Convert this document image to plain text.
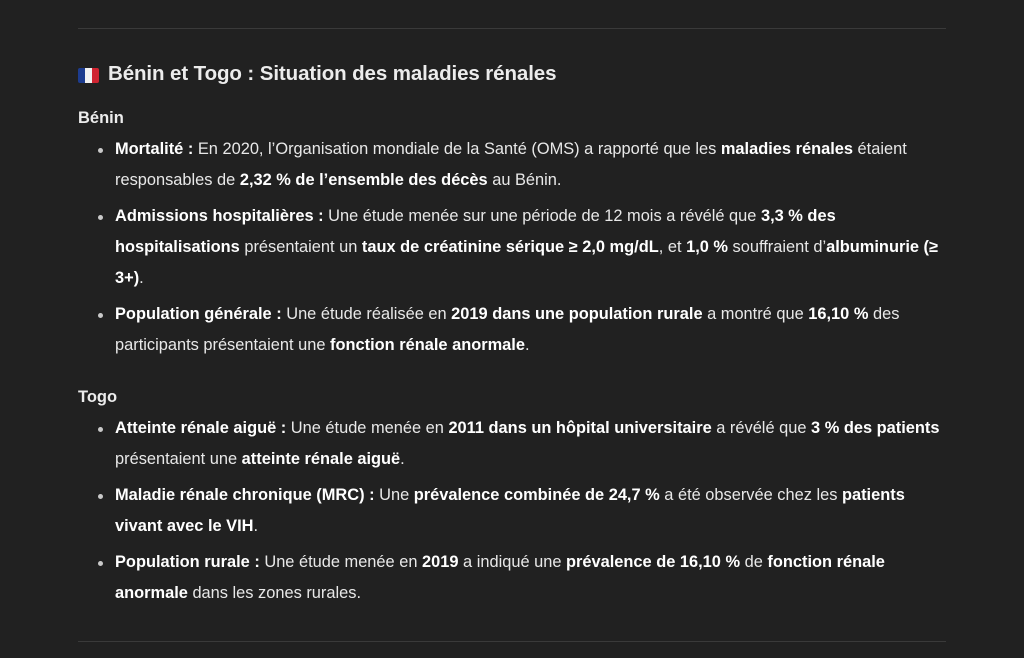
Bénin et Togo : Situation des maladies rénales
Bénin
Mortalité : En 2020, l’Organisation mondiale de la Santé (OMS) a rapporté que les maladies rénales étaient responsables de 2,32 % de l’ensemble des décès au Bénin.
Admissions hospitalières : Une étude menée sur une période de 12 mois a révélé que 3,3 % des hospitalisations présentaient un taux de créatinine sérique ≥ 2,0 mg/dL, et 1,0 % souffraient d’albuminurie (≥ 3+).
Population générale : Une étude réalisée en 2019 dans une population rurale a montré que 16,10 % des participants présentaient une fonction rénale anormale.
Togo
Atteinte rénale aiguë : Une étude menée en 2011 dans un hôpital universitaire a révélé que 3 % des patients présentaient une atteinte rénale aiguë.
Maladie rénale chronique (MRC) : Une prévalence combinée de 24,7 % a été observée chez les patients vivant avec le VIH.
Population rurale : Une étude menée en 2019 a indiqué une prévalence de 16,10 % de fonction rénale anormale dans les zones rurales.
